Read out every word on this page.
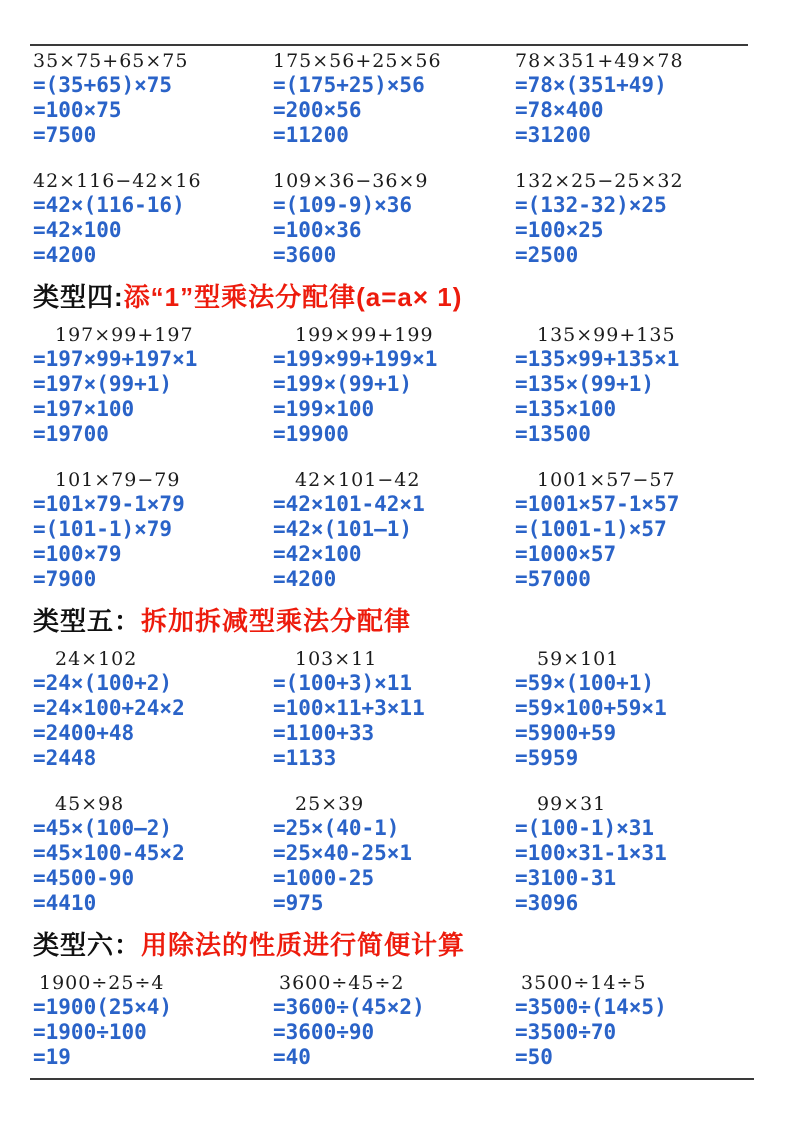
35×75+65×75
=(35+65)×75
=100×75
=7500
175×56+25×56
=(175+25)×56
=200×56
=11200
78×351+49×78
=78×(351+49)
=78×400
=31200
42×116−42×16
=42×(116-16)
=42×100
=4200
109×36−36×9
=(109-9)×36
=100×36
=3600
132×25−25×32
=(132-32)×25
=100×25
=2500
类型四:添“1”型乘法分配律(a=a× 1)
197×99+197
=197×99+197×1
=197×(99+1)
=197×100
=19700
199×99+199
=199×99+199×1
=199×(99+1)
=199×100
=19900
135×99+135
=135×99+135×1
=135×(99+1)
=135×100
=13500
101×79−79
=101×79-1×79
=(101-1)×79
=100×79
=7900
42×101−42
=42×101-42×1
=42×(101—1)
=42×100
=4200
1001×57−57
=1001×57-1×57
=(1001-1)×57
=1000×57
=57000
类型五：拆加拆减型乘法分配律
24×102
=24×(100+2)
=24×100+24×2
=2400+48
=2448
103×11
=(100+3)×11
=100×11+3×11
=1100+33
=1133
59×101
=59×(100+1)
=59×100+59×1
=5900+59
=5959
45×98
=45×(100—2)
=45×100-45×2
=4500-90
=4410
25×39
=25×(40-1)
=25×40-25×1
=1000-25
=975
99×31
=(100-1)×31
=100×31-1×31
=3100-31
=3096
类型六：用除法的性质进行简便计算
1900÷25÷4
=1900(25×4)
=1900÷100
=19
3600÷45÷2
=3600÷(45×2)
=3600÷90
=40
3500÷14÷5
=3500÷(14×5)
=3500÷70
=50
